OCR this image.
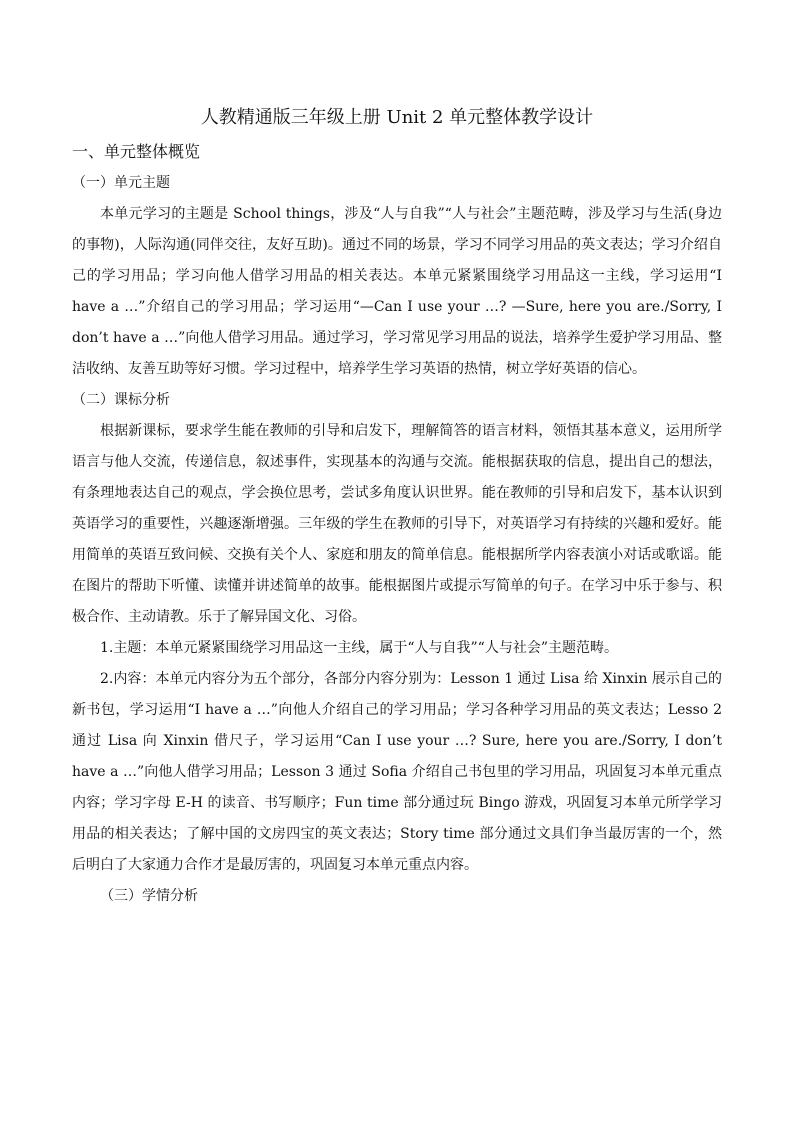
人教精通版三年级上册 Unit 2 单元整体教学设计
一、单元整体概览
（一）单元主题

本单元学习的主题是 School things，涉及“人与自我”“人与社会”主题范畴，涉及学习与生活(身边的事物)，人际沟通(同伴交往，友好互助)。通过不同的场景，学习不同学习用品的英文表达；学习介绍自己的学习用品；学习向他人借学习用品的相关表达。本单元紧紧围绕学习用品这一主线，学习运用“I have a …”介绍自己的学习用品；学习运用“—Can I use your …? —Sure, here you are./Sorry, I don’t have a …”向他人借学习用品。通过学习，学习常见学习用品的说法，培养学生爱护学习用品、整洁收纳、友善互助等好习惯。学习过程中，培养学生学习英语的热情，树立学好英语的信心。

（二）课标分析

根据新课标，要求学生能在教师的引导和启发下，理解简答的语言材料，领悟其基本意义，运用所学语言与他人交流，传递信息，叙述事件，实现基本的沟通与交流。能根据获取的信息，提出自己的想法，有条理地表达自己的观点，学会换位思考，尝试多角度认识世界。能在教师的引导和启发下，基本认识到英语学习的重要性，兴趣逐渐增强。三年级的学生在教师的引导下，对英语学习有持续的兴趣和爱好。能用简单的英语互致问候、交换有关个人、家庭和朋友的简单信息。能根据所学内容表演小对话或歌谣。能在图片的帮助下听懂、读懂并讲述简单的故事。能根据图片或提示写简单的句子。在学习中乐于参与、积极合作、主动请教。乐于了解异国文化、习俗。

1.主题：本单元紧紧围绕学习用品这一主线，属于“人与自我”“人与社会”主题范畴。

2.内容：本单元内容分为五个部分，各部分内容分别为：Lesson 1 通过 Lisa 给 Xinxin 展示自己的新书包，学习运用“I have a …”向他人介绍自己的学习用品；学习各种学习用品的英文表达；Lesso 2 通过 Lisa 向 Xinxin 借尺子，学习运用“Can I use your …? Sure, here you are./Sorry, I don’t have a …”向他人借学习用品；Lesson 3 通过 Sofia 介绍自己书包里的学习用品，巩固复习本单元重点内容；学习字母 E-H 的读音、书写顺序；Fun time 部分通过玩 Bingo 游戏，巩固复习本单元所学学习用品的相关表达；了解中国的文房四宝的英文表达；Story time 部分通过文具们争当最厉害的一个，然后明白了大家通力合作才是最厉害的，巩固复习本单元重点内容。

（三）学情分析
